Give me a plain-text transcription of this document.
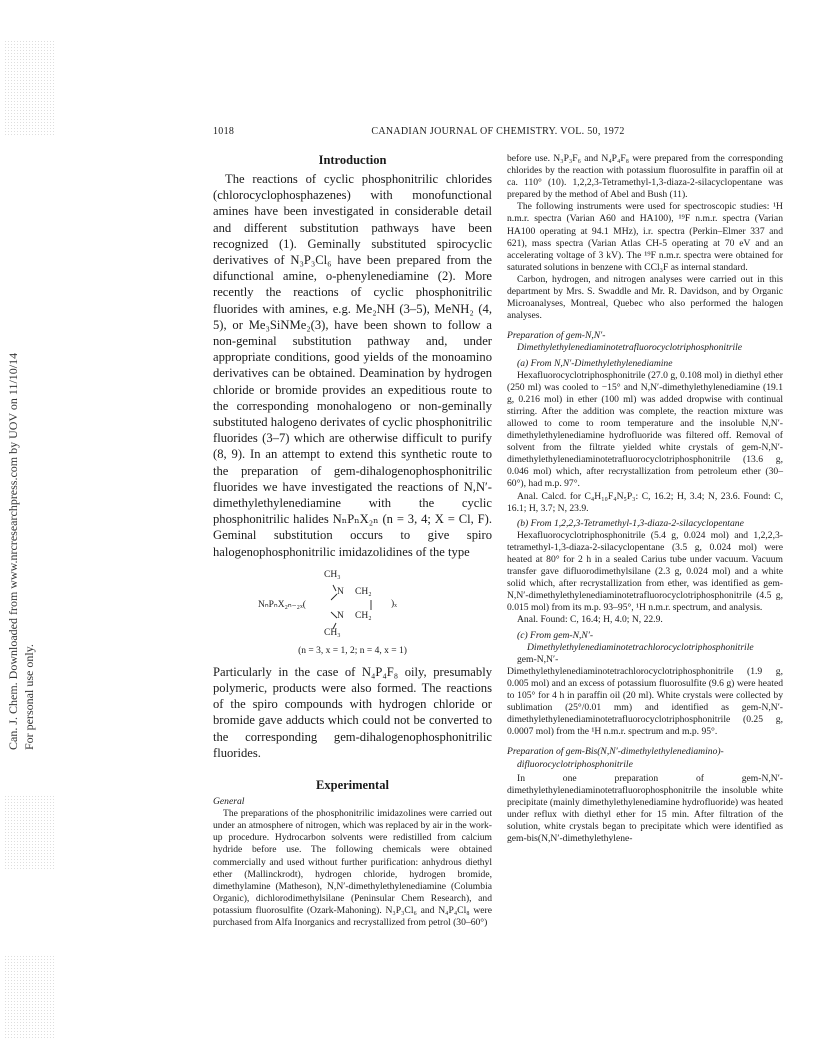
Can. J. Chem. Downloaded from www.nrcresearchpress.com by UOV on 11/10/14 For personal use only.
1018	CANADIAN JOURNAL OF CHEMISTRY. VOL. 50, 1972
Introduction

The reactions of cyclic phosphonitrilic chlorides (chlorocyclophosphazenes) with monofunctional amines have been investigated in considerable detail and different substitution pathways have been recognized (1). Geminally substituted spirocyclic derivatives of N₃P₃Cl₆ have been prepared from the difunctional amine, o-phenylenediamine (2). More recently the reactions of cyclic phosphonitrilic fluorides with amines, e.g. Me₂NH (3–5), MeNH₂ (4, 5), or Me₃SiNMe₂(3), have been shown to follow a non-geminal substitution pathway and, under appropriate conditions, good yields of the monoamino derivatives can be obtained. Deamination by hydrogen chloride or bromide provides an expeditious route to the corresponding monohalogeno or non-geminally substituted halogeno derivates of cyclic phosphonitrilic fluorides (3–7) which are otherwise difficult to purify (8, 9). In an attempt to extend this synthetic route to the preparation of gem-dihalogenophosphonitrilic fluorides we have investigated the reactions of N,N′-dimethylethylenediamine with the cyclic phosphonitrilic halides NₙPₙX₂ₙ (n = 3, 4; X = Cl, F). Geminal substitution occurs to give spiro halogenophosphonitrilic imidazolidines of the type

CH₃
N CH₂
NₙPₙX₂ₙ₋₂ₓ(	)ₓ
N CH₂
CH₃
(n = 3, x = 1, 2; n = 4, x = 1)

Particularly in the case of N₄P₄F₈ oily, presumably polymeric, products were also formed. The reactions of the spiro compounds with hydrogen chloride or bromide gave adducts which could not be converted to the corresponding gem-dihalogenophosphonitrilic fluorides.

Experimental

General

The preparations of the phosphonitrilic imidazolines were carried out under an atmosphere of nitrogen, which was replaced by air in the work-up procedure. Hydrocarbon solvents were redistilled from calcium hydride before use. The following chemicals were obtained commercially and used without further purification: anhydrous diethyl ether (Mallinckrodt), hydrogen chloride, hydrogen bromide, dimethylamine (Matheson), N,N′-dimethylethylenediamine (Columbia Organic), dichlorodimethylsilane (Peninsular Chem Research), and potassium fluorosulfite (Ozark-Mahoning). N₃P₃Cl₆ and N₄P₄Cl₈ were purchased from Alfa Inorganics and recrystallized from petrol (30–60°)

before use. N₃P₃F₆ and N₄P₄F₈ were prepared from the corresponding chlorides by the reaction with potassium fluorosulfite in paraffin oil at ca. 110° (10). 1,2,2,3-Tetramethyl-1,3-diaza-2-silacyclopentane was prepared by the method of Abel and Bush (11).

The following instruments were used for spectroscopic studies: ¹H n.m.r. spectra (Varian A60 and HA100), ¹⁹F n.m.r. spectra (Varian HA100 operating at 94.1 MHz), i.r. spectra (Perkin–Elmer 337 and 621), mass spectra (Varian Atlas CH-5 operating at 70 eV and an accelerating voltage of 3 kV). The ¹⁹F n.m.r. spectra were obtained for saturated solutions in benzene with CCl₃F as internal standard.

Carbon, hydrogen, and nitrogen analyses were carried out in this department by Mrs. S. Swaddle and Mr. R. Davidson, and by Organic Microanalyses, Montreal, Quebec who also performed the halogen analyses.

Preparation of gem-N,N′-Dimethylethylenediaminotetrafluorocyclotriphosphonitrile

(a) From N,N′-Dimethylethylenediamine

Hexafluorocyclotriphosphonitrile (27.0 g, 0.108 mol) in diethyl ether (250 ml) was cooled to −15° and N,N′-dimethylethylenediamine (19.1 g, 0.216 mol) in ether (100 ml) was added dropwise with continual stirring. After the addition was complete, the reaction mixture was allowed to come to room temperature and the insoluble N,N′-dimethylethylenediamine hydrofluoride was filtered off. Removal of solvent from the filtrate yielded white crystals of gem-N,N′-dimethylethylenediaminotetrafluorocyclotriphosphonitrile (13.6 g, 0.046 mol) which, after recrystallization from petroleum ether (30–60°), had m.p. 97°.

Anal. Calcd. for C₄H₁₀F₄N₅P₃: C, 16.2; H, 3.4; N, 23.6. Found: C, 16.1; H, 3.7; N, 23.9.

(b) From 1,2,2,3-Tetramethyl-1,3-diaza-2-silacyclopentane

Hexafluorocyclotriphosphonitrile (5.4 g, 0.024 mol) and 1,2,2,3-tetramethyl-1,3-diaza-2-silacyclopentane (3.5 g, 0.024 mol) were heated at 80° for 2 h in a sealed Carius tube under vacuum. Vacuum transfer gave difluorodimethylsilane (2.3 g, 0.024 mol) and a white solid which, after recrystallization from ether, was identified as gem-N,N′-dimethylethylenediaminotetrafluorocyclotriphosphonitrile (4.5 g, 0.015 mol) from its m.p. 93–95°, ¹H n.m.r. spectrum, and analysis.

Anal. Found: C, 16.4; H, 4.0; N, 22.9.

(c) From gem-N,N′-Dimethylethylenediaminotetrachlorocyclotriphosphonitrile

gem-N,N′-Dimethylethylenediaminotetrachlorocyclotriphosphonitrile (1.9 g, 0.005 mol) and an excess of potassium fluorosulfite (9.6 g) were heated to 105° for 4 h in paraffin oil (20 ml). White crystals were collected by sublimation (25°/0.01 mm) and identified as gem-N,N′-dimethylethylenediaminotetrafluorocyclotriphosphonitrile (0.25 g, 0.0007 mol) from the ¹H n.m.r. spectrum and m.p. 95°.

Preparation of gem-Bis(N,N′-dimethylethylenediamino)-difluorocyclotriphosphonitrile

In one preparation of gem-N,N′-dimethylethylenediaminotetrafluorophosphonitrile the insoluble white precipitate (mainly dimethylethylenediamine hydrofluoride) was heated under reflux with diethyl ether for 15 min. After filtration of the solution, white crystals began to precipitate which were identified as gem-bis(N,N′-dimethylethylene-
